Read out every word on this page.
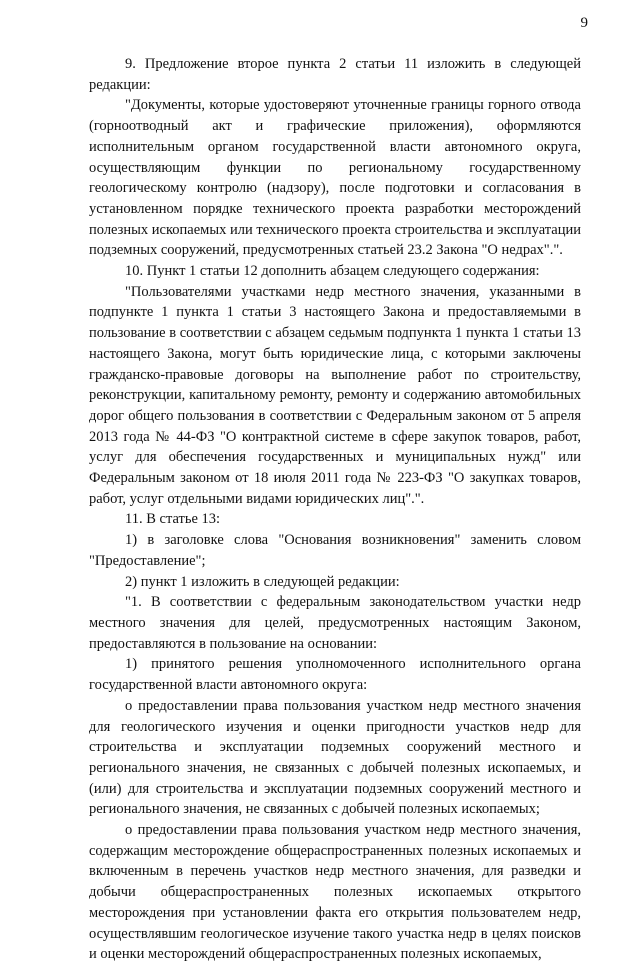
9

9. Предложение второе пункта 2 статьи 11 изложить в следующей редакции:

"Документы, которые удостоверяют уточненные границы горного отвода (горноотводный акт и графические приложения), оформляются исполнительным органом государственной власти автономного округа, осуществляющим функции по региональному государственному геологическому контролю (надзору), после подготовки и согласования в установленном порядке технического проекта разработки месторождений полезных ископаемых или технического проекта строительства и эксплуатации подземных сооружений, предусмотренных статьей 23.2 Закона "О недрах".".

10. Пункт 1 статьи 12 дополнить абзацем следующего содержания:

"Пользователями участками недр местного значения, указанными в подпункте 1 пункта 1 статьи 3 настоящего Закона и предоставляемыми в пользование в соответствии с абзацем седьмым подпункта 1 пункта 1 статьи 13 настоящего Закона, могут быть юридические лица, с которыми заключены гражданско-правовые договоры на выполнение работ по строительству, реконструкции, капитальному ремонту, ремонту и содержанию автомобильных дорог общего пользования в соответствии с Федеральным законом от 5 апреля 2013 года № 44-ФЗ "О контрактной системе в сфере закупок товаров, работ, услуг для обеспечения государственных и муниципальных нужд" или Федеральным законом от 18 июля 2011 года № 223-ФЗ "О закупках товаров, работ, услуг отдельными видами юридических лиц".".

11. В статье 13:

1) в заголовке слова "Основания возникновения" заменить словом "Предоставление";

2) пункт 1 изложить в следующей редакции:

"1. В соответствии с федеральным законодательством участки недр местного значения для целей, предусмотренных настоящим Законом, предоставляются в пользование на основании:

1) принятого решения уполномоченного исполнительного органа государственной власти автономного округа:

о предоставлении права пользования участком недр местного значения для геологического изучения и оценки пригодности участков недр для строительства и эксплуатации подземных сооружений местного и регионального значения, не связанных с добычей полезных ископаемых, и (или) для строительства и эксплуатации подземных сооружений местного и регионального значения, не связанных с добычей полезных ископаемых;

о предоставлении права пользования участком недр местного значения, содержащим месторождение общераспространенных полезных ископаемых и включенным в перечень участков недр местного значения, для разведки и добычи общераспространенных полезных ископаемых открытого месторождения при установлении факта его открытия пользователем недр, осуществлявшим геологическое изучение такого участка недр в целях поисков и оценки месторождений общераспространенных полезных ископаемых,
